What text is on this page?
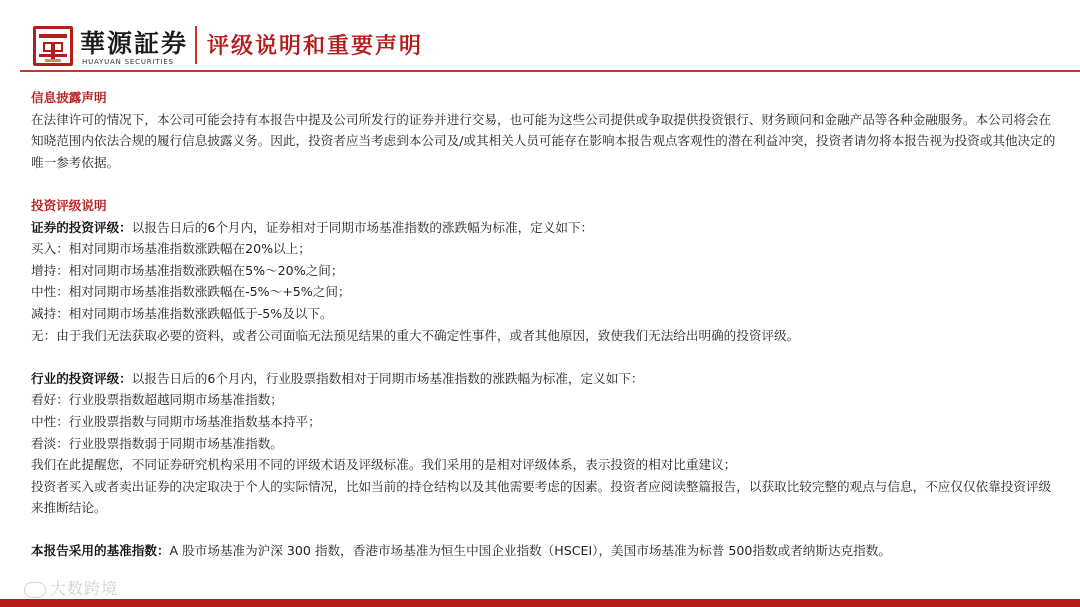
華源証券
HUAYUAN SECURITIES
评级说明和重要声明

信息披露声明

在法律许可的情况下，本公司可能会持有本报告中提及公司所发行的证券并进行交易，也可能为这些公司提供或争取提供投资银行、财务顾问和金融产品等各种金融服务。本公司将会在知晓范围内依法合规的履行信息披露义务。因此，投资者应当考虑到本公司及/或其相关人员可能存在影响本报告观点客观性的潜在利益冲突，投资者请勿将本报告视为投资或其他决定的唯一参考依据。

投资评级说明

证券的投资评级：以报告日后的6个月内，证券相对于同期市场基准指数的涨跌幅为标准，定义如下：

买入：相对同期市场基准指数涨跌幅在20%以上；

增持：相对同期市场基准指数涨跌幅在5%～20%之间；

中性：相对同期市场基准指数涨跌幅在-5%～+5%之间；

减持：相对同期市场基准指数涨跌幅低于-5%及以下。

无：由于我们无法获取必要的资料，或者公司面临无法预见结果的重大不确定性事件，或者其他原因，致使我们无法给出明确的投资评级。

行业的投资评级：以报告日后的6个月内，行业股票指数相对于同期市场基准指数的涨跌幅为标准，定义如下：

看好：行业股票指数超越同期市场基准指数；

中性：行业股票指数与同期市场基准指数基本持平；

看淡：行业股票指数弱于同期市场基准指数。

我们在此提醒您，不同证券研究机构采用不同的评级术语及评级标准。我们采用的是相对评级体系，表示投资的相对比重建议；

投资者买入或者卖出证券的决定取决于个人的实际情况，比如当前的持仓结构以及其他需要考虑的因素。投资者应阅读整篇报告，以获取比较完整的观点与信息，不应仅仅依靠投资评级来推断结论。

本报告采用的基准指数：A 股市场基准为沪深 300 指数，香港市场基准为恒生中国企业指数（HSCEI），美国市场基准为标普 500指数或者纳斯达克指数。

大数跨境
